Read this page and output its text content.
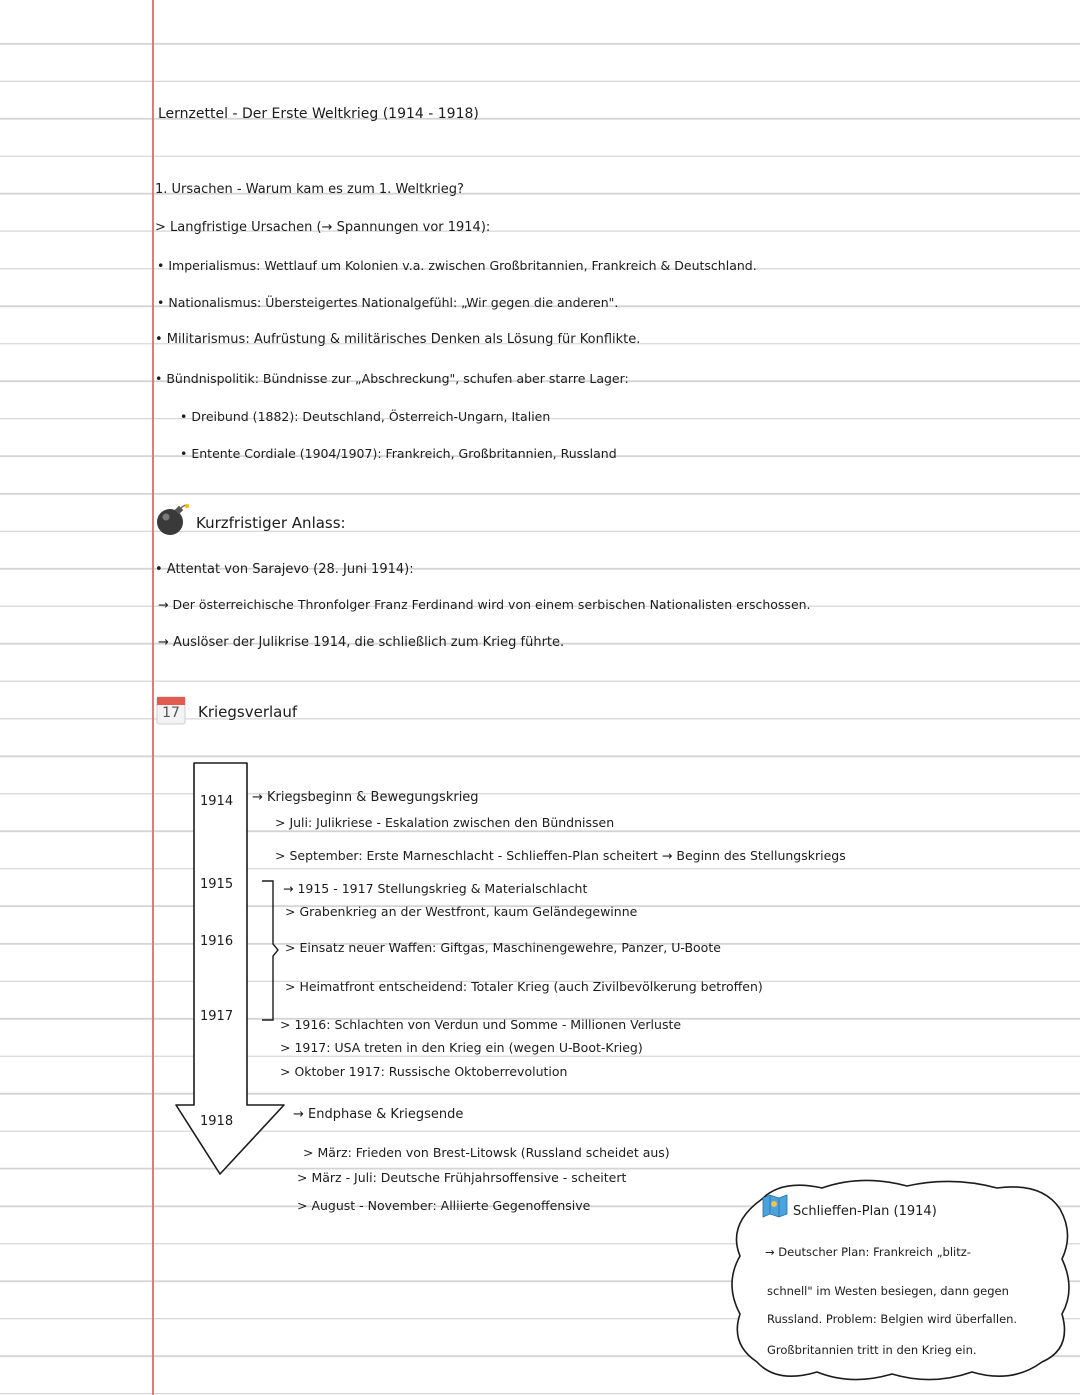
Lernzettel - Der Erste Weltkrieg (1914 - 1918)
1. Ursachen - Warum kam es zum 1. Weltkrieg?
> Langfristige Ursachen (→ Spannungen vor 1914):
• Imperialismus: Wettlauf um Kolonien v.a. zwischen Großbritannien, Frankreich & Deutschland.
• Nationalismus: Übersteigertes Nationalgefühl: „Wir gegen die anderen".
• Militarismus: Aufrüstung & militärisches Denken als Lösung für Konflikte.
• Bündnispolitik: Bündnisse zur „Abschreckung", schufen aber starre Lager:
• Dreibund (1882): Deutschland, Österreich-Ungarn, Italien
• Entente Cordiale (1904/1907): Frankreich, Großbritannien, Russland
Kurzfristiger Anlass:
• Attentat von Sarajevo (28. Juni 1914):
→ Der österreichische Thronfolger Franz Ferdinand wird von einem serbischen Nationalisten erschossen.
→ Auslöser der Julikrise 1914, die schließlich zum Krieg führte.
17	Kriegsverlauf
1914
1915
1916
1917
1918
→ Kriegsbeginn & Bewegungskrieg
> Juli: Julikriese - Eskalation zwischen den Bündnissen
> September: Erste Marneschlacht - Schlieffen-Plan scheitert → Beginn des Stellungskriegs
→ 1915 - 1917 Stellungskrieg & Materialschlacht
> Grabenkrieg an der Westfront, kaum Geländegewinne
> Einsatz neuer Waffen: Giftgas, Maschinengewehre, Panzer, U-Boote
> Heimatfront entscheidend: Totaler Krieg (auch Zivilbevölkerung betroffen)
> 1916: Schlachten von Verdun und Somme - Millionen Verluste
> 1917: USA treten in den Krieg ein (wegen U-Boot-Krieg)
> Oktober 1917: Russische Oktoberrevolution
→ Endphase & Kriegsende
> März: Frieden von Brest-Litowsk (Russland scheidet aus)
> März - Juli: Deutsche Frühjahrsoffensive - scheitert
> August - November: Alliierte Gegenoffensive	Schlieffen-Plan (1914)
→ Deutscher Plan: Frankreich „blitz-
schnell" im Westen besiegen, dann gegen
Russland. Problem: Belgien wird überfallen.
Großbritannien tritt in den Krieg ein.
